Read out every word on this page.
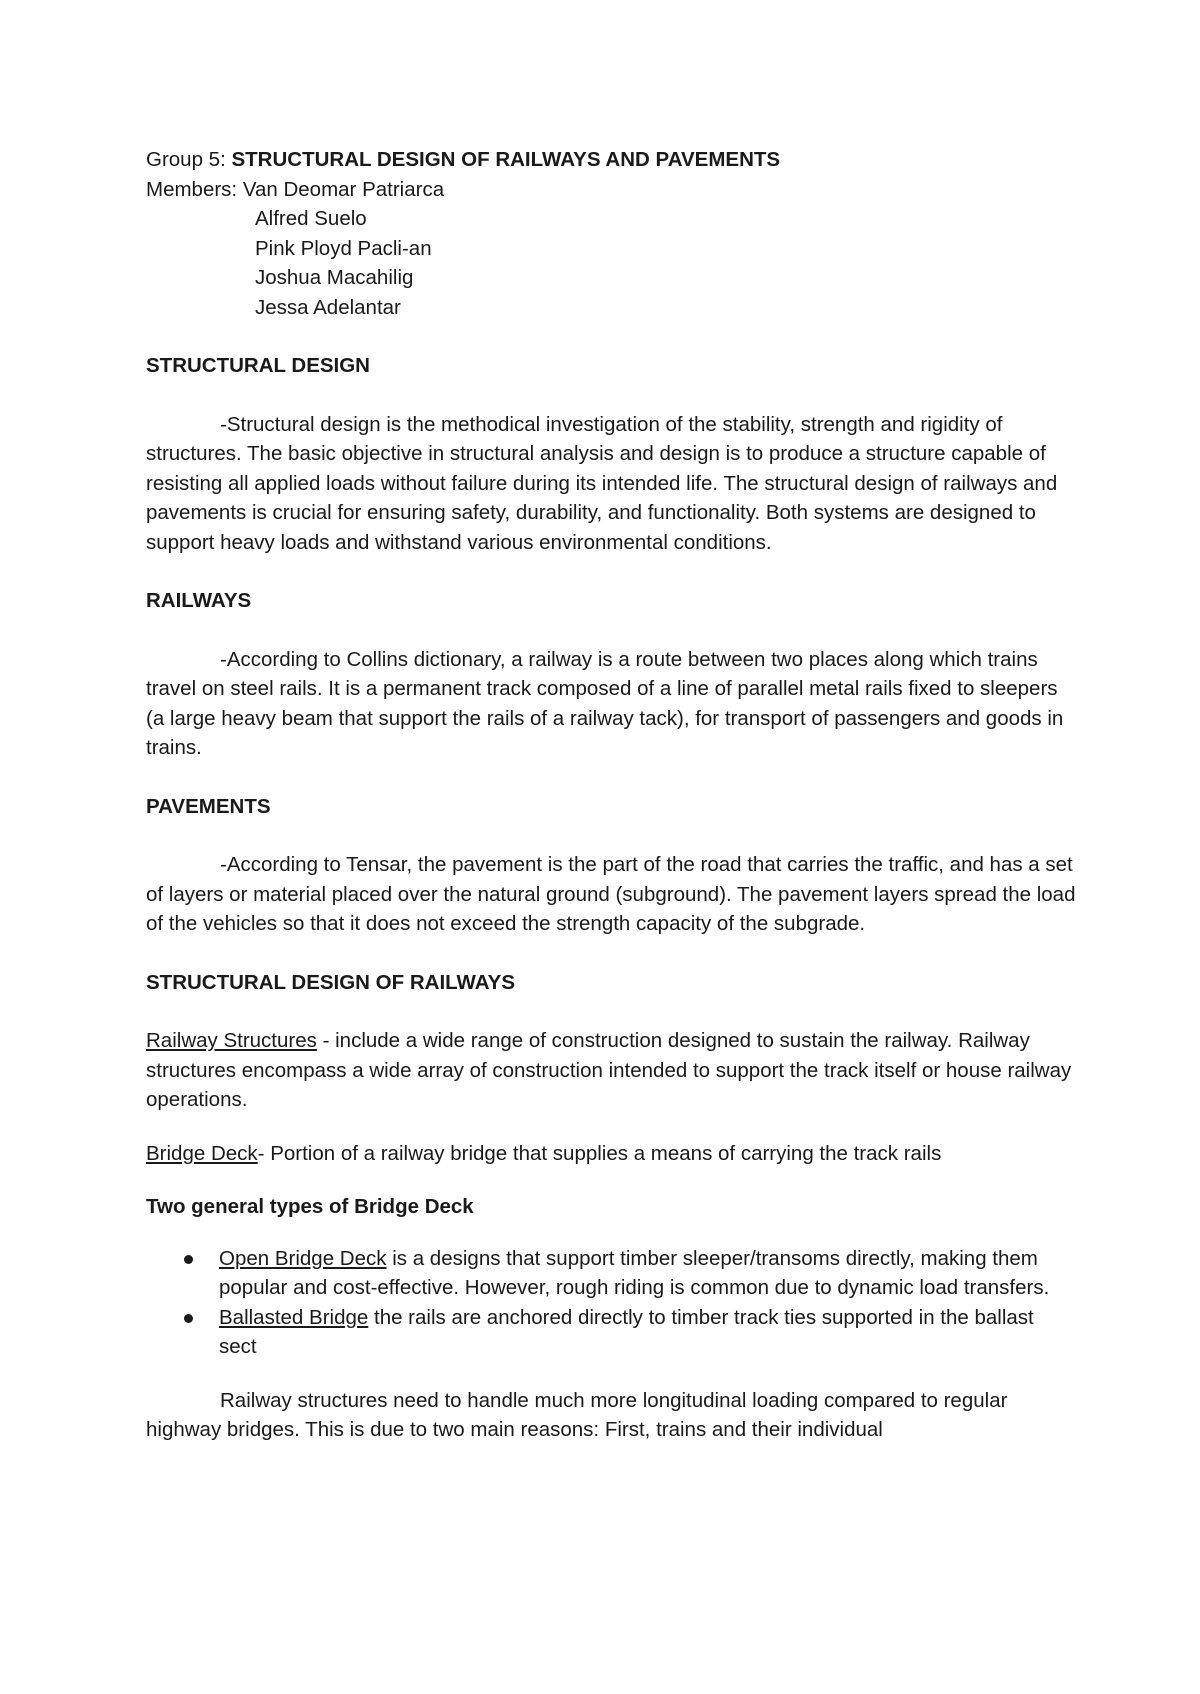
Group 5: STRUCTURAL DESIGN OF RAILWAYS AND PAVEMENTS
Members: Van Deomar Patriarca
Alfred Suelo
Pink Ployd Pacli-an
Joshua Macahilig
Jessa Adelantar
STRUCTURAL DESIGN
-Structural design is the methodical investigation of the stability, strength and rigidity of structures. The basic objective in structural analysis and design is to produce a structure capable of resisting all applied loads without failure during its intended life. The structural design of railways and pavements is crucial for ensuring safety, durability, and functionality. Both systems are designed to support heavy loads and withstand various environmental conditions.
RAILWAYS
-According to Collins dictionary, a railway is a route between two places along which trains travel on steel rails. It is a permanent track composed of a line of parallel metal rails fixed to sleepers (a large heavy beam that support the rails of a railway tack), for transport of passengers and goods in trains.
PAVEMENTS
-According to Tensar, the pavement is the part of the road that carries the traffic, and has a set of layers or material placed over the natural ground (subground). The pavement layers spread the load of the vehicles so that it does not exceed the strength capacity of the subgrade.
STRUCTURAL DESIGN OF RAILWAYS
Railway Structures - include a wide range of construction designed to sustain the railway. Railway structures encompass a wide array of construction intended to support the track itself or house railway operations.
Bridge Deck- Portion of a railway bridge that supplies a means of carrying the track rails
Two general types of Bridge Deck
Open Bridge Deck is a designs that support timber sleeper/transoms directly, making them popular and cost-effective. However, rough riding is common due to dynamic load transfers.
Ballasted Bridge the rails are anchored directly to timber track ties supported in the ballast sect
Railway structures need to handle much more longitudinal loading compared to regular highway bridges. This is due to two main reasons: First, trains and their individual
